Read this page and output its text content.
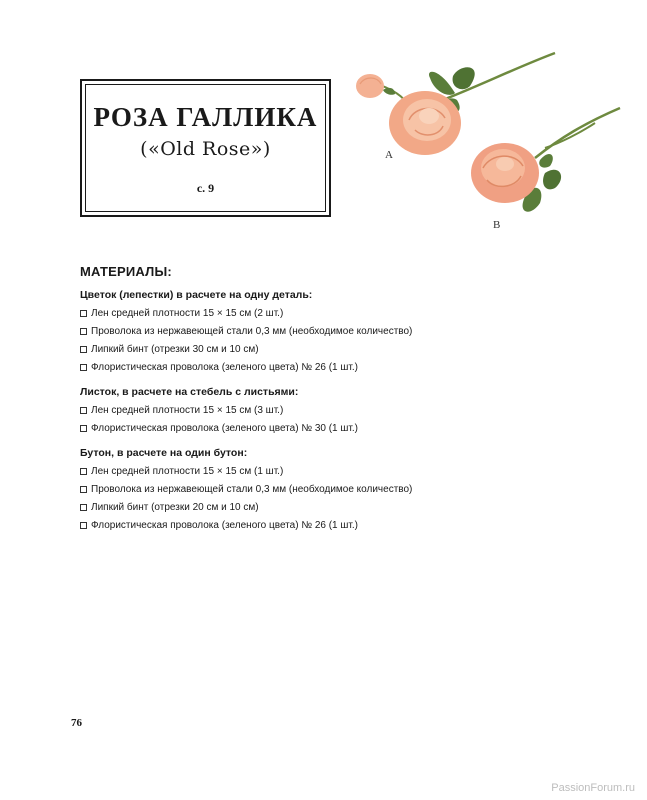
РОЗА ГАЛЛИКА
(«Old Rose»)
с. 9
A
B
МАТЕРИАЛЫ:
Цветок (лепестки) в расчете на одну деталь:
Лен средней плотности 15 × 15 см (2 шт.)
Проволока из нержавеющей стали 0,3 мм (необходимое количество)
Липкий бинт (отрезки 30 см и 10 см)
Флористическая проволока (зеленого цвета) № 26 (1 шт.)
Листок, в расчете на стебель с листьями:
Лен средней плотности 15 × 15 см (3 шт.)
Флористическая проволока (зеленого цвета) № 30 (1 шт.)
Бутон, в расчете на один бутон:
Лен средней плотности 15 × 15 см (1 шт.)
Проволока из нержавеющей стали 0,3 мм (необходимое количество)
Липкий бинт (отрезки 20 см и 10 см)
Флористическая проволока (зеленого цвета) № 26 (1 шт.)
76
PassionForum.ru
